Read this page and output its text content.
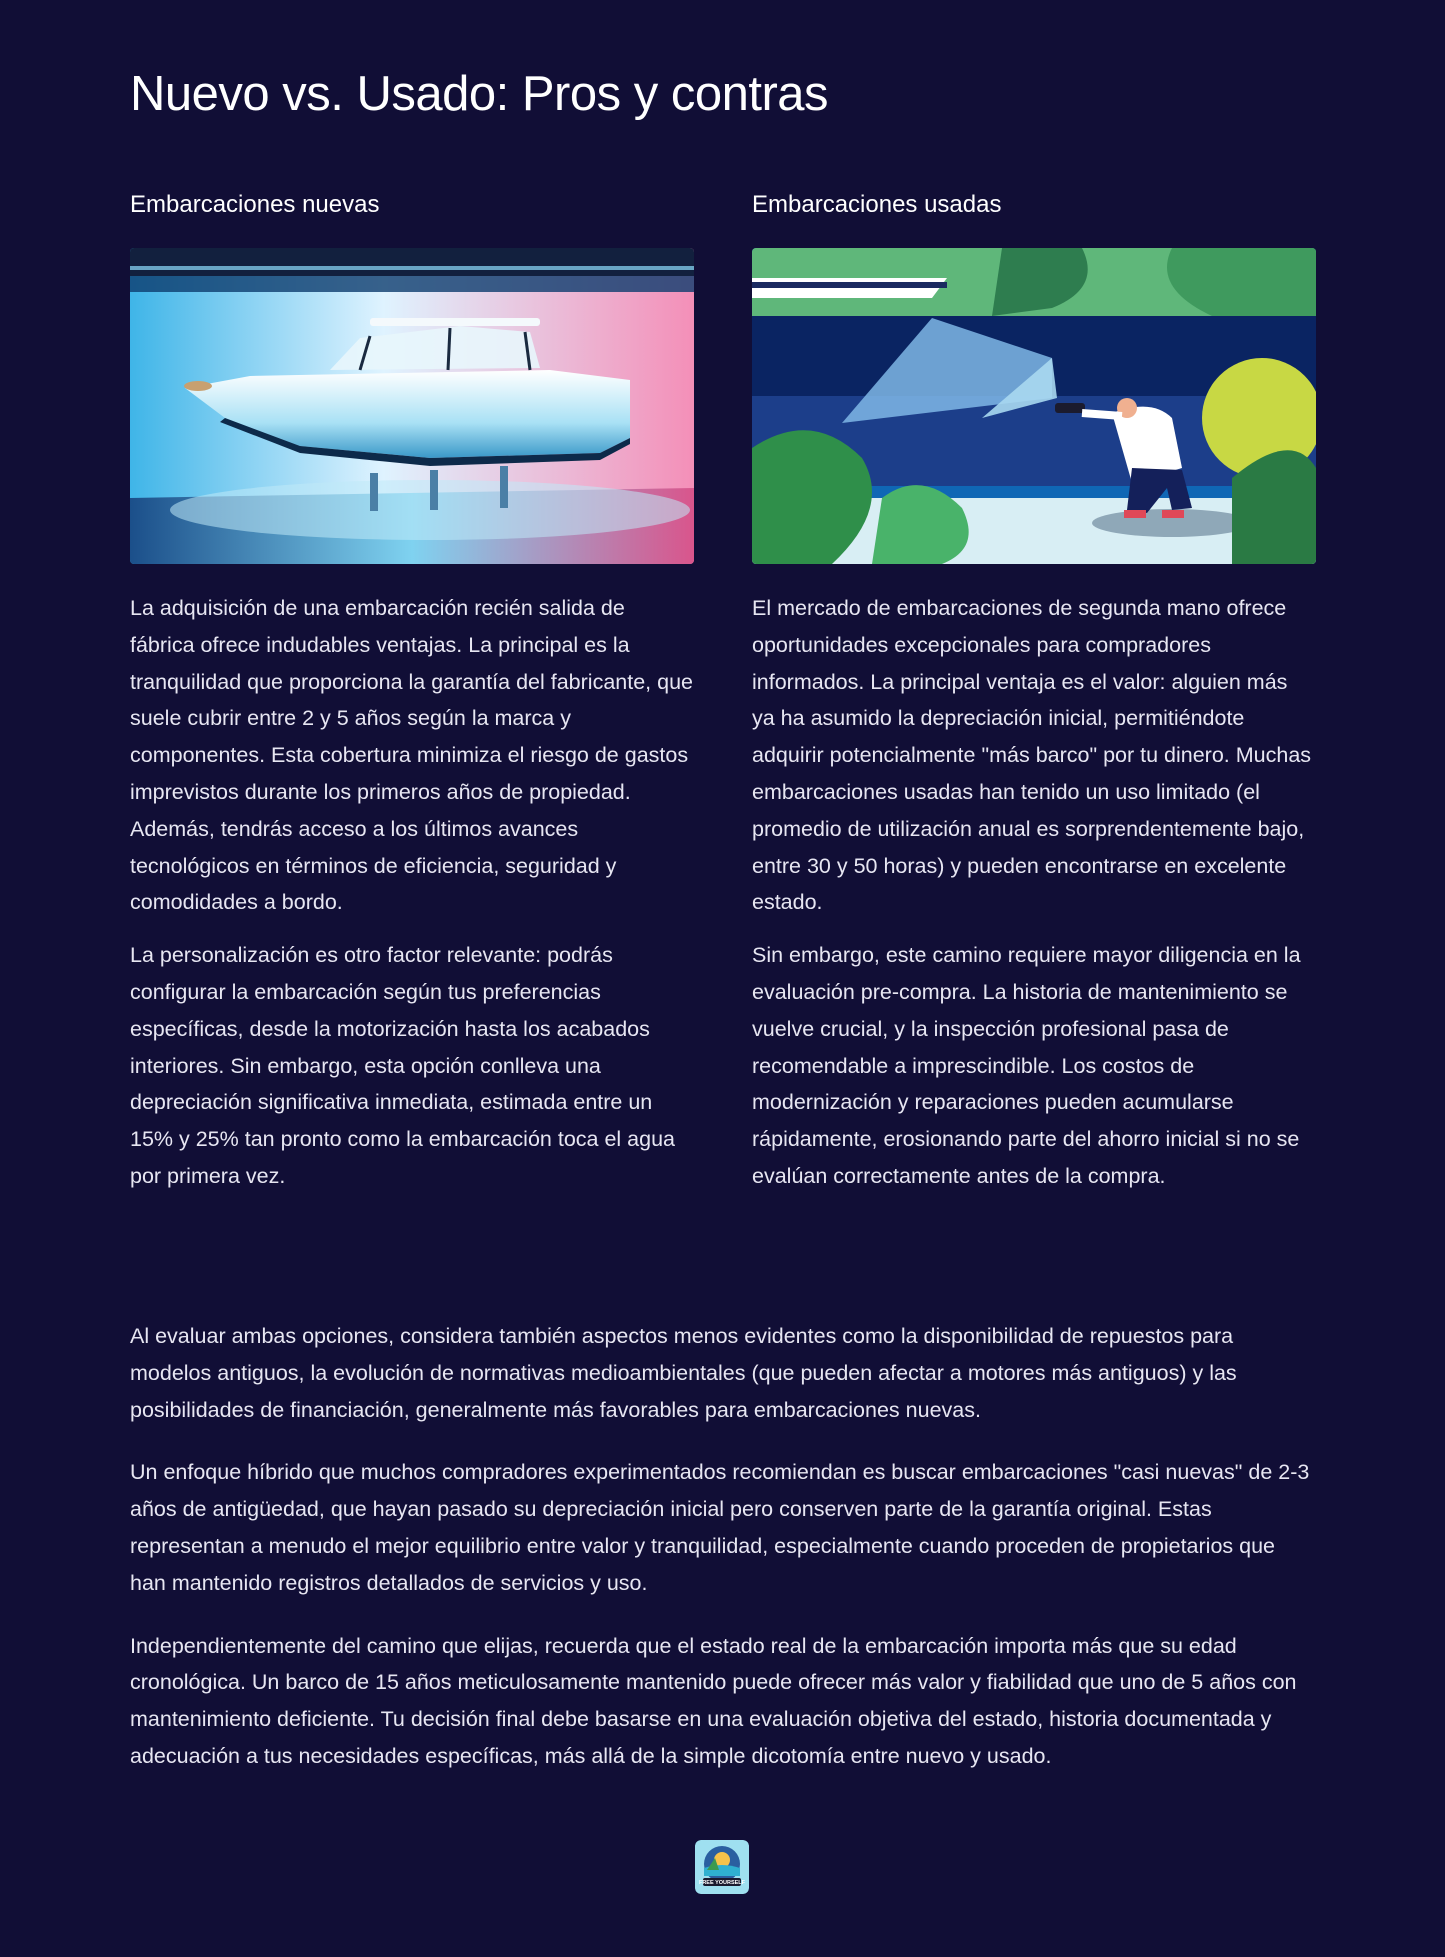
Nuevo vs. Usado: Pros y contras
Embarcaciones nuevas

La adquisición de una embarcación recién salida de fábrica ofrece indudables ventajas. La principal es la tranquilidad que proporciona la garantía del fabricante, que suele cubrir entre 2 y 5 años según la marca y componentes. Esta cobertura minimiza el riesgo de gastos imprevistos durante los primeros años de propiedad. Además, tendrás acceso a los últimos avances tecnológicos en términos de eficiencia, seguridad y comodidades a bordo.

La personalización es otro factor relevante: podrás configurar la embarcación según tus preferencias específicas, desde la motorización hasta los acabados interiores. Sin embargo, esta opción conlleva una depreciación significativa inmediata, estimada entre un 15% y 25% tan pronto como la embarcación toca el agua por primera vez.

Embarcaciones usadas

El mercado de embarcaciones de segunda mano ofrece oportunidades excepcionales para compradores informados. La principal ventaja es el valor: alguien más ya ha asumido la depreciación inicial, permitiéndote adquirir potencialmente "más barco" por tu dinero. Muchas embarcaciones usadas han tenido un uso limitado (el promedio de utilización anual es sorprendentemente bajo, entre 30 y 50 horas) y pueden encontrarse en excelente estado.

Sin embargo, este camino requiere mayor diligencia en la evaluación pre-compra. La historia de mantenimiento se vuelve crucial, y la inspección profesional pasa de recomendable a imprescindible. Los costos de modernización y reparaciones pueden acumularse rápidamente, erosionando parte del ahorro inicial si no se evalúan correctamente antes de la compra.

Al evaluar ambas opciones, considera también aspectos menos evidentes como la disponibilidad de repuestos para modelos antiguos, la evolución de normativas medioambientales (que pueden afectar a motores más antiguos) y las posibilidades de financiación, generalmente más favorables para embarcaciones nuevas.

Un enfoque híbrido que muchos compradores experimentados recomiendan es buscar embarcaciones "casi nuevas" de 2-3 años de antigüedad, que hayan pasado su depreciación inicial pero conserven parte de la garantía original. Estas representan a menudo el mejor equilibrio entre valor y tranquilidad, especialmente cuando proceden de propietarios que han mantenido registros detallados de servicios y uso.

Independientemente del camino que elijas, recuerda que el estado real de la embarcación importa más que su edad cronológica. Un barco de 15 años meticulosamente mantenido puede ofrecer más valor y fiabilidad que uno de 5 años con mantenimiento deficiente. Tu decisión final debe basarse en una evaluación objetiva del estado, historia documentada y adecuación a tus necesidades específicas, más allá de la simple dicotomía entre nuevo y usado.

FREE YOURSELF
